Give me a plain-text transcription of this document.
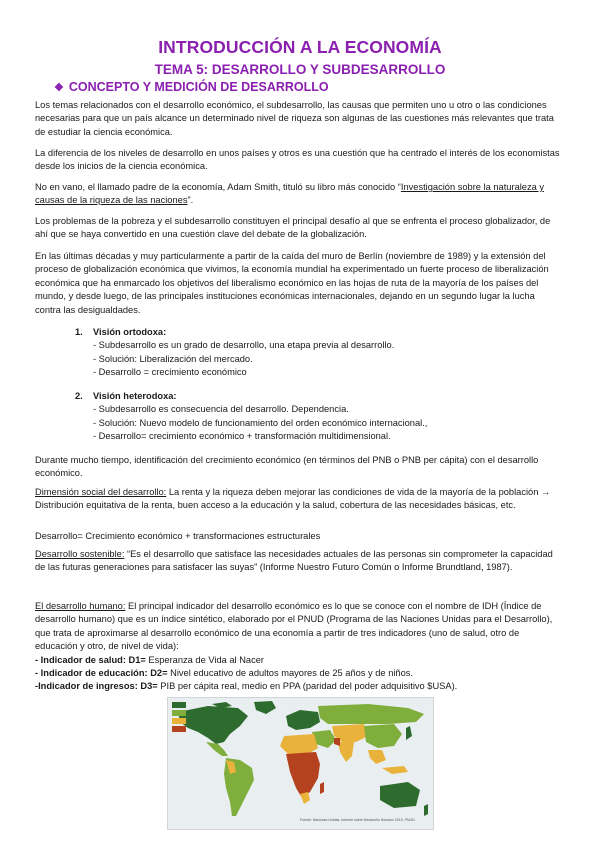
INTRODUCCIÓN A LA ECONOMÍA
TEMA 5: DESARROLLO Y SUBDESARROLLO
❖ CONCEPTO Y MEDICIÓN DE DESARROLLO

Los temas relacionados con el desarrollo económico, el subdesarrollo, las causas que permiten uno u otro o las condiciones necesarias para que un país alcance un determinado nivel de riqueza son algunas de las cuestiones más relevantes que trata de estudiar la ciencia económica.

La diferencia de los niveles de desarrollo en unos países y otros es una cuestión que ha centrado el interés de los economistas desde los inicios de la ciencia económica.

No en vano, el llamado padre de la economía, Adam Smith, tituló su libro más conocido “Investigación sobre la naturaleza y causas de la riqueza de las naciones”.

Los problemas de la pobreza y el subdesarrollo constituyen el principal desafío al que se enfrenta el proceso globalizador, de ahí que se haya convertido en una cuestión clave del debate de la globalización.

En las últimas décadas y muy particularmente a partir de la caída del muro de Berlín (noviembre de 1989) y la extensión del proceso de globalización económica que vivimos, la economía mundial ha experimentado un fuerte proceso de liberalización económica que ha enmarcado los objetivos del liberalismo económico en las hojas de ruta de la mayoría de los países del mundo, y desde luego, de las principales instituciones económicas internacionales, dejando en un segundo lugar la lucha contra las desigualdades.

1. Visión ortodoxa:
- Subdesarrollo es un grado de desarrollo, una etapa previa al desarrollo.
- Solución: Liberalización del mercado.
- Desarrollo = crecimiento económico
2. Visión heterodoxa:
- Subdesarrollo es consecuencia del desarrollo. Dependencia.
- Solución: Nuevo modelo de funcionamiento del orden económico internacional.,
- Desarrollo= crecimiento económico + transformación multidimensional.

Durante mucho tiempo, identificación del crecimiento económico (en términos del PNB o PNB per cápita) con el desarrollo económico.

Dimensión social del desarrollo: La renta y la riqueza deben mejorar las condiciones de vida de la mayoría de la población → Distribución equitativa de la renta, buen acceso a la educación y la salud, cobertura de las necesidades básicas, etc.

Desarrollo= Crecimiento económico + transformaciones estructurales

Desarrollo sostenible: “Es el desarrollo que satisface las necesidades actuales de las personas sin comprometer la capacidad de las futuras generaciones para satisfacer las suyas” (Informe Nuestro Futuro Común o Informe Brundtland, 1987).

El desarrollo humano: El principal indicador del desarrollo económico es lo que se conoce con el nombre de IDH (Índice de desarrollo humano) que es un índice sintético, elaborado por el PNUD (Programa de las Naciones Unidas para el Desarrollo), que trata de aproximarse al desarrollo económico de una economía a partir de tres indicadores (uno de salud, otro de educación y otro, de nivel de vida):

- Indicador de salud: D1= Esperanza de Vida al Nacer

- Indicador de educación: D2= Nivel educativo de adultos mayores de 25 años y de niños.

-Indicador de ingresos: D3= PIB per cápita real, medio en PPA (paridad del poder adquisitivo $USA).

Fuente: Naciones Unidas, Informe sobre Desarrollo Humano 2013. PNUD.
